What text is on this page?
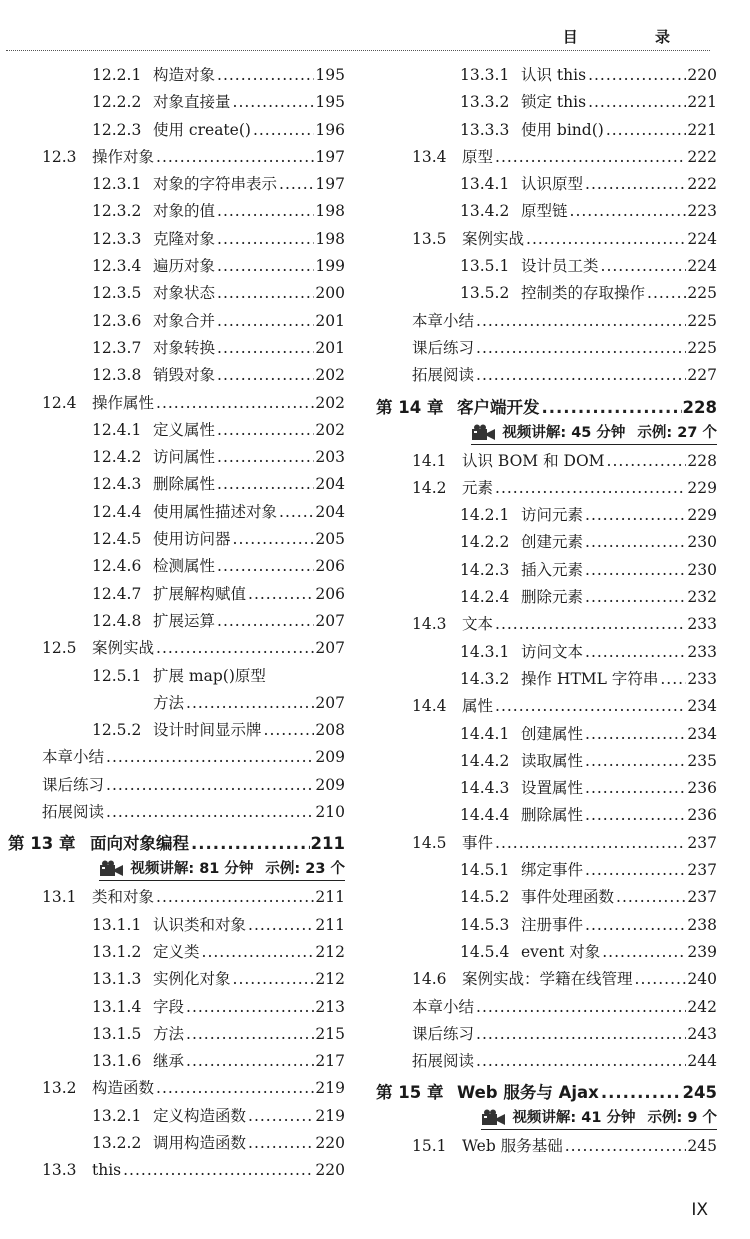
目 录
12.2.1 构造对象 .....	195
12.2.2 对象直接量 .....	195
12.2.3 使用 create() .....	196
12.3 操作对象 .....	197
12.3.1 对象的字符串表示 ..... 197
12.3.2 对象的值 .....	198
12.3.3 克隆对象 .....	198
12.3.4 遍历对象 .....	199
12.3.5 对象状态 .....	200
12.3.6 对象合并 .....	201
12.3.7 对象转换 .....	201
12.3.8 销毁对象 .....	202
12.4 操作属性 .....	202
12.4.1 定义属性 .....	202
12.4.2 访问属性 .....	203
12.4.3 删除属性 .....	204
12.4.4 使用属性描述对象 ..... 204
12.4.5 使用访问器 .....	205
12.4.6 检测属性 .....	206
12.4.7 扩展解构赋值 .....	206
12.4.8 扩展运算 .....	207
12.5 案例实战 .....	207
12.5.1 扩展 map()原型
方法 .....	207
12.5.2 设计时间显示牌 .....	208
本章小结 .....	209
课后练习 .....	209
拓展阅读 .....	210
第 13 章 面向对象编程 .....	211
视频讲解: 81 分钟 示例: 23 个
13.1 类和对象 .....	211
13.1.1 认识类和对象 .....	211
13.1.2 定义类 .....	212
13.1.3 实例化对象 .....	212
13.1.4 字段 .....	213
13.1.5 方法 .....	215
13.1.6 继承 .....	217
13.2 构造函数 .....	219
13.2.1 定义构造函数 .....	219
13.2.2 调用构造函数 .....	220
13.3 this .....	220
13.3.1 认识 this .....	220
13.3.2 锁定 this .....	221
13.3.3 使用 bind() .....	221
13.4 原型 .....	222
13.4.1 认识原型 .....	222
13.4.2 原型链 .....	223
13.5 案例实战 .....	224
13.5.1 设计员工类 .....	224
13.5.2 控制类的存取操作 .....	225
本章小结 .....	225
课后练习 .....	225
拓展阅读 .....	227
第 14 章 客户端开发 .....	228
视频讲解: 45 分钟 示例: 27 个
14.1 认识 BOM 和 DOM .....	228
14.2 元素 .....	229
14.2.1 访问元素 .....	229
14.2.2 创建元素 .....	230
14.2.3 插入元素 .....	230
14.2.4 删除元素 .....	232
14.3 文本 .....	233
14.3.1 访问文本 .....	233
14.3.2 操作 HTML 字符串 ..... 233
14.4 属性 .....	234
14.4.1 创建属性 .....	234
14.4.2 读取属性 .....	235
14.4.3 设置属性 .....	236
14.4.4 删除属性 .....	236
14.5 事件 .....	237
14.5.1 绑定事件 .....	237
14.5.2 事件处理函数 .....	237
14.5.3 注册事件 .....	238
14.5.4 event 对象 .....	239
14.6 案例实战：学籍在线管理 .....	240
本章小结 .....	242
课后练习 .....	243
拓展阅读 .....	244
第 15 章 Web 服务与 Ajax .....	245
视频讲解: 41 分钟 示例: 9 个
15.1 Web 服务基础 .....	245
IX
